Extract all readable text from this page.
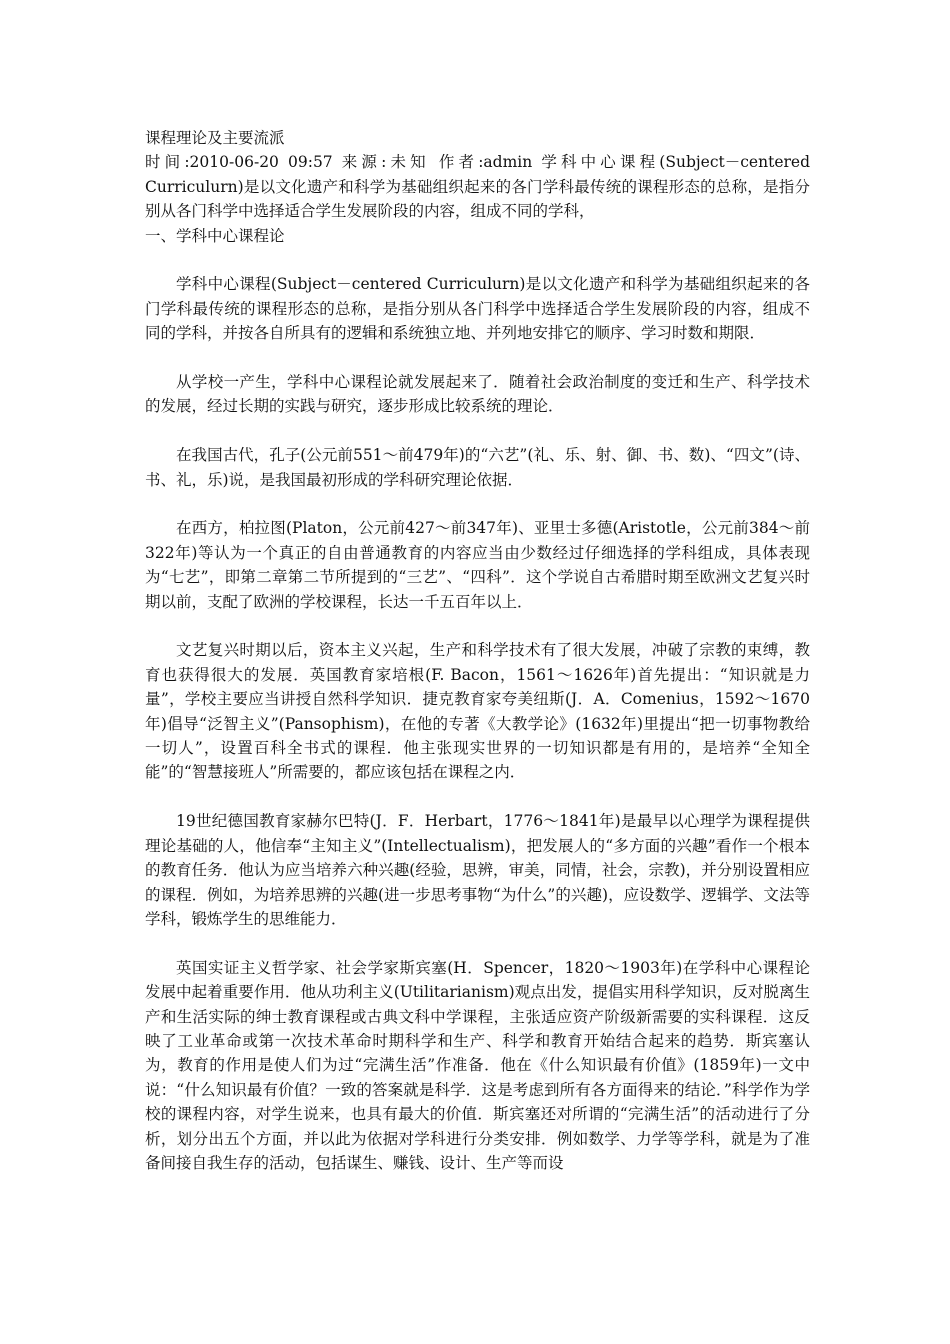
课程理论及主要流派
时间:2010-06-20 09:57 来源:未知 作者:admin 学科中心课程(Subject－centered Curriculurn)是以文化遗产和科学为基础组织起来的各门学科最传统的课程形态的总称，是指分别从各门科学中选择适合学生发展阶段的内容，组成不同的学科，
一、学科中心课程论
学科中心课程(Subject－centered Curriculurn)是以文化遗产和科学为基础组织起来的各门学科最传统的课程形态的总称，是指分别从各门科学中选择适合学生发展阶段的内容，组成不同的学科，并按各自所具有的逻辑和系统独立地、并列地安排它的顺序、学习时数和期限．
从学校一产生，学科中心课程论就发展起来了．随着社会政治制度的变迁和生产、科学技术的发展，经过长期的实践与研究，逐步形成比较系统的理论．
在我国古代，孔子(公元前551～前479年)的“六艺”(礼、乐、射、御、书、数)、“四文”(诗、书、礼，乐)说，是我国最初形成的学科研究理论依据．
在西方，柏拉图(Platon，公元前427～前347年)、亚里士多德(Aristotle，公元前384～前322年)等认为一个真正的自由普通教育的内容应当由少数经过仔细选择的学科组成，具体表现为“七艺”，即第二章第二节所提到的“三艺”、“四科”．这个学说自古希腊时期至欧洲文艺复兴时期以前，支配了欧洲的学校课程，长达一千五百年以上．
文艺复兴时期以后，资本主义兴起，生产和科学技术有了很大发展，冲破了宗教的束缚，教育也获得很大的发展．英国教育家培根(F. Bacon，1561～1626年)首先提出：“知识就是力量”，学校主要应当讲授自然科学知识．捷克教育家夸美纽斯(J．A．Comenius，1592～1670年)倡导“泛智主义”(Pansophism)，在他的专著《大教学论》(1632年)里提出“把一切事物教给一切人”，设置百科全书式的课程．他主张现实世界的一切知识都是有用的，是培养“全知全能”的“智慧接班人”所需要的，都应该包括在课程之内．
19世纪德国教育家赫尔巴特(J．F．Herbart，1776～1841年)是最早以心理学为课程提供理论基础的人，他信奉“主知主义”(Intellectualism)，把发展人的“多方面的兴趣”看作一个根本的教育任务．他认为应当培养六种兴趣(经验，思辨，审美，同情，社会，宗教)，并分别设置相应的课程．例如，为培养思辨的兴趣(进一步思考事物“为什么”的兴趣)，应设数学、逻辑学、文法等学科，锻炼学生的思维能力．
英国实证主义哲学家、社会学家斯宾塞(H．Spencer，1820～1903年)在学科中心课程论发展中起着重要作用．他从功利主义(Utilitarianism)观点出发，提倡实用科学知识，反对脱离生产和生活实际的绅士教育课程或古典文科中学课程，主张适应资产阶级新需要的实科课程．这反映了工业革命或第一次技术革命时期科学和生产、科学和教育开始结合起来的趋势．斯宾塞认为，教育的作用是使人们为过“完满生活”作准备．他在《什么知识最有价值》(1859年)一文中说：“什么知识最有价值？一致的答案就是科学．这是考虑到所有各方面得来的结论．”科学作为学校的课程内容，对学生说来，也具有最大的价值．斯宾塞还对所谓的“完满生活”的活动进行了分析，划分出五个方面，并以此为依据对学科进行分类安排．例如数学、力学等学科，就是为了准备间接自我生存的活动，包括谋生、赚钱、设计、生产等而设
